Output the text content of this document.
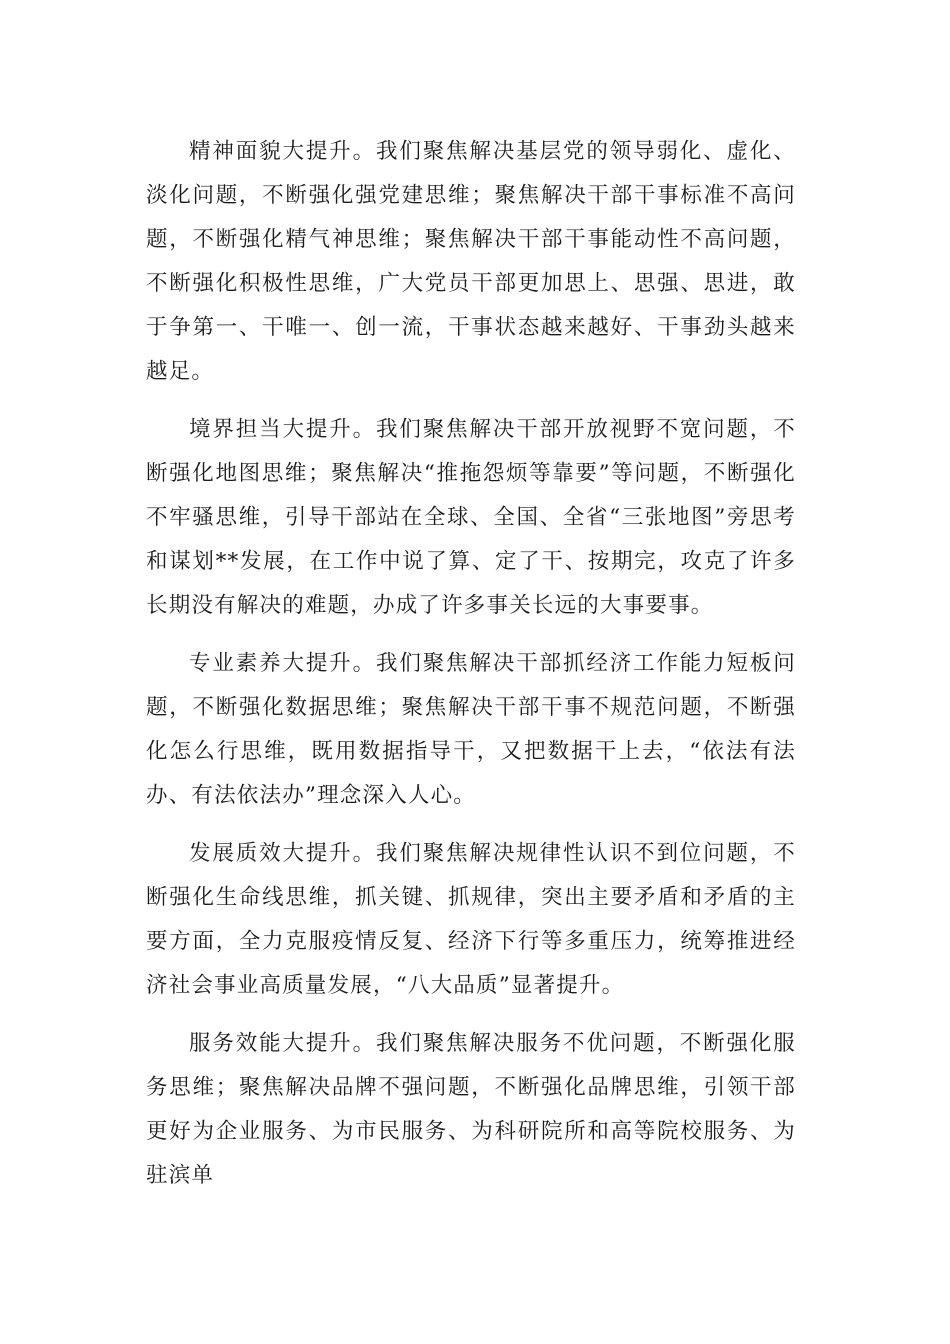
精神面貌大提升。我们聚焦解决基层党的领导弱化、虚化、淡化问题，不断强化强党建思维；聚焦解决干部干事标准不高问题，不断强化精气神思维；聚焦解决干部干事能动性不高问题，不断强化积极性思维，广大党员干部更加思上、思强、思进，敢于争第一、干唯一、创一流，干事状态越来越好、干事劲头越来越足。

境界担当大提升。我们聚焦解决干部开放视野不宽问题，不断强化地图思维；聚焦解决“推拖怨烦等靠要”等问题，不断强化不牢骚思维，引导干部站在全球、全国、全省“三张地图”旁思考和谋划**发展，在工作中说了算、定了干、按期完，攻克了许多长期没有解决的难题，办成了许多事关长远的大事要事。

专业素养大提升。我们聚焦解决干部抓经济工作能力短板问题，不断强化数据思维；聚焦解决干部干事不规范问题，不断强化怎么行思维，既用数据指导干，又把数据干上去，“依法有法办、有法依法办”理念深入人心。

发展质效大提升。我们聚焦解决规律性认识不到位问题，不断强化生命线思维，抓关键、抓规律，突出主要矛盾和矛盾的主要方面，全力克服疫情反复、经济下行等多重压力，统筹推进经济社会事业高质量发展，“八大品质”显著提升。

服务效能大提升。我们聚焦解决服务不优问题，不断强化服务思维；聚焦解决品牌不强问题，不断强化品牌思维，引领干部更好为企业服务、为市民服务、为科研院所和高等院校服务、为驻滨单
